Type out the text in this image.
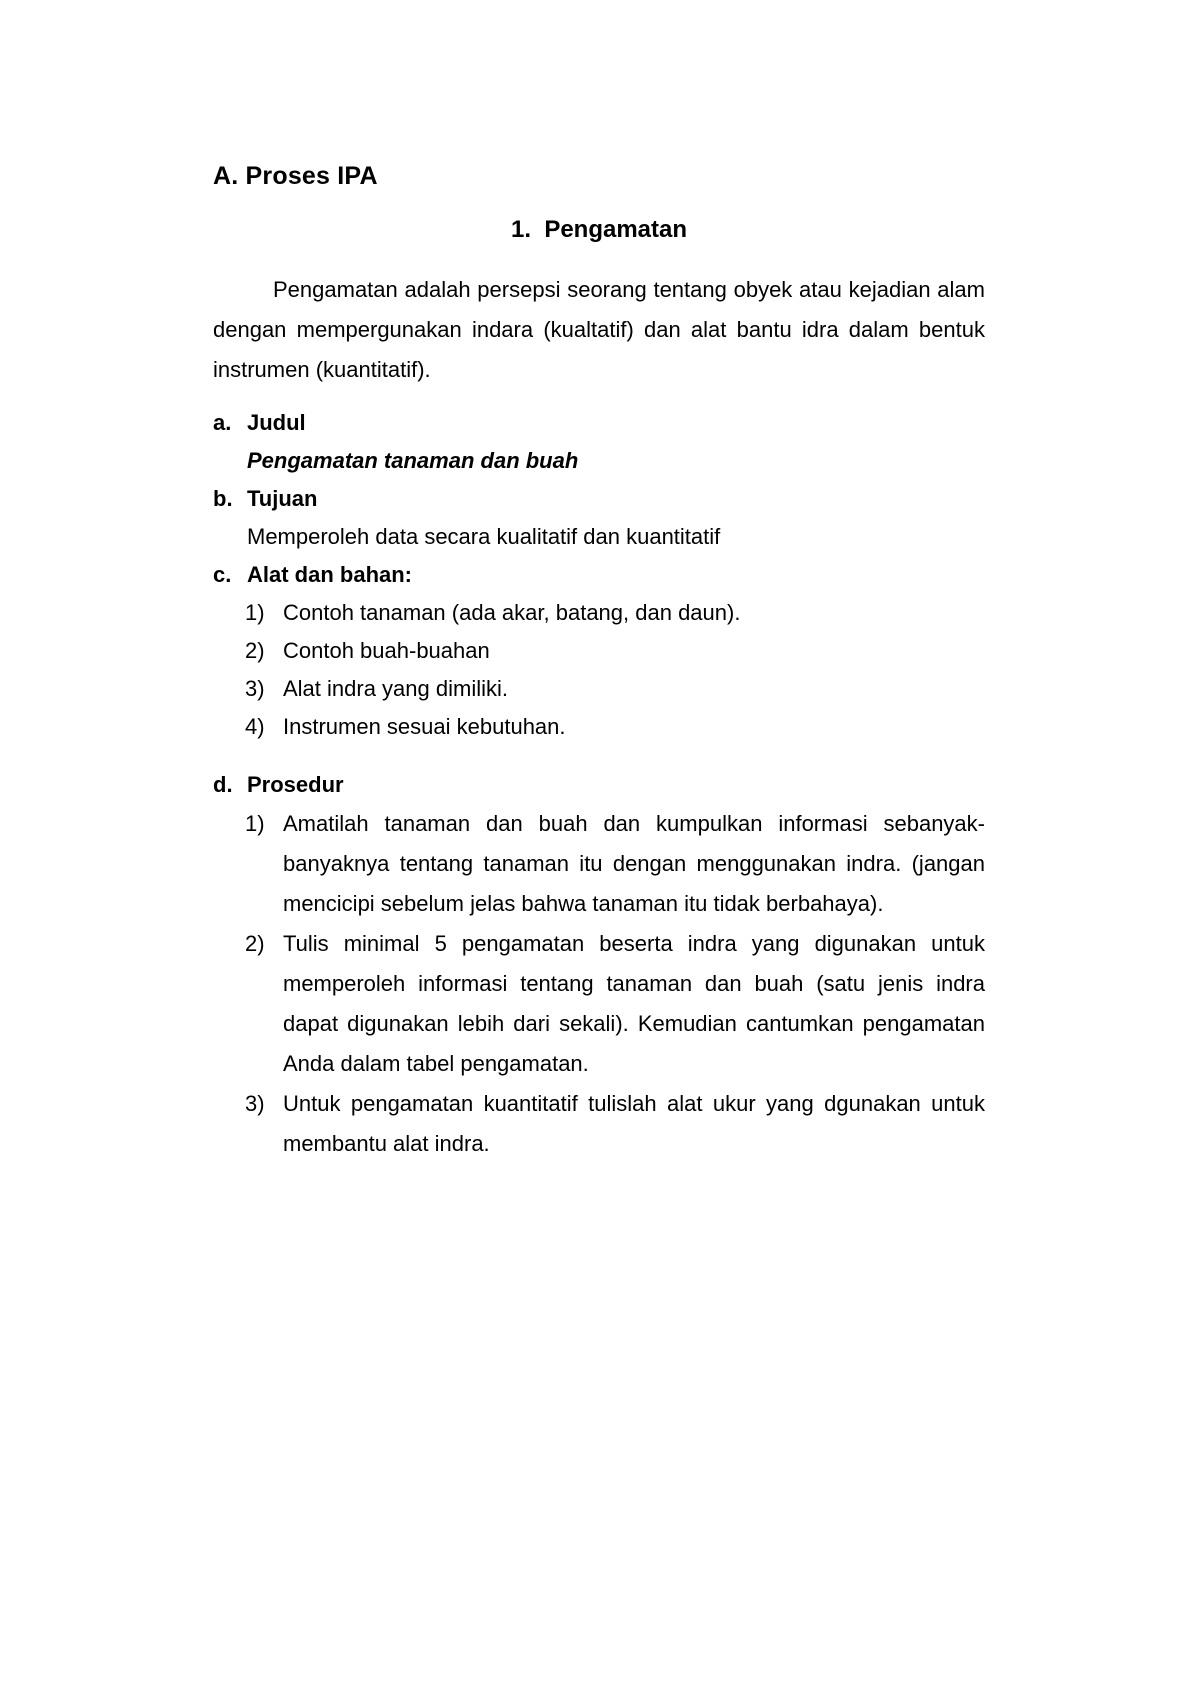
A. Proses IPA
1.  Pengamatan

Pengamatan adalah persepsi seorang tentang obyek atau kejadian alam dengan mempergunakan indara (kualtatif) dan alat bantu idra dalam bentuk instrumen (kuantitatif).

a. Judul
Pengamatan tanaman dan buah
b. Tujuan
Memperoleh data secara kualitatif dan kuantitatif
c. Alat dan bahan:
1) Contoh tanaman (ada akar, batang, dan daun).
2) Contoh buah-buahan
3) Alat indra yang dimiliki.
4) Instrumen sesuai kebutuhan.
d. Prosedur
1) Amatilah tanaman dan buah dan kumpulkan informasi sebanyak-banyaknya tentang tanaman itu dengan menggunakan indra. (jangan mencicipi sebelum jelas bahwa tanaman itu tidak berbahaya).
2) Tulis minimal 5 pengamatan beserta indra yang digunakan untuk memperoleh informasi tentang tanaman dan buah (satu jenis indra dapat digunakan lebih dari sekali). Kemudian cantumkan pengamatan Anda dalam tabel pengamatan.
3) Untuk pengamatan kuantitatif tulislah alat ukur yang dgunakan untuk membantu alat indra.
